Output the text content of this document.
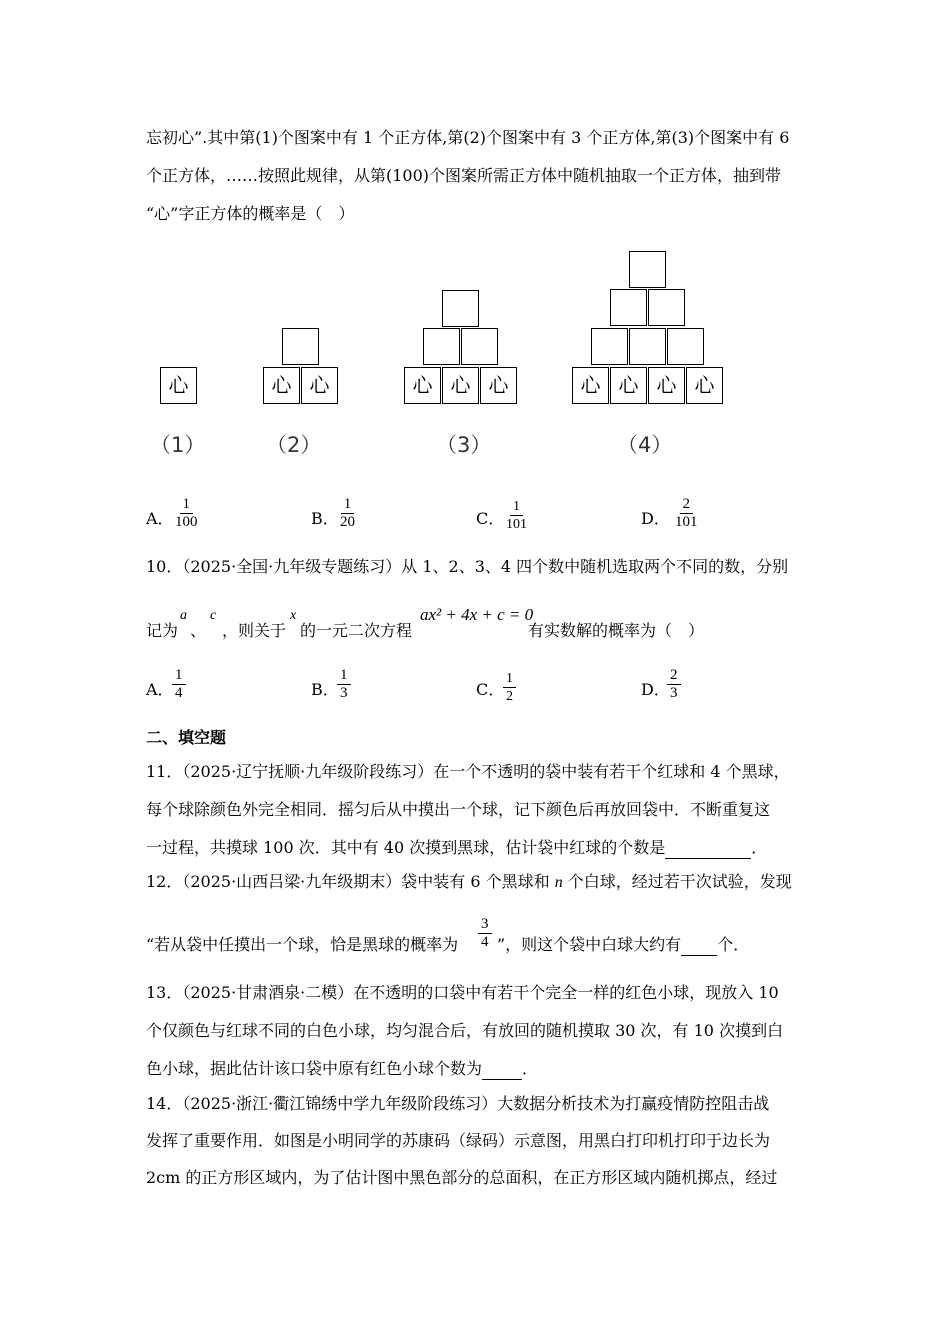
忘初心”.其中第(1)个图案中有 1 个正方体,第(2)个图案中有 3 个正方体,第(3)个图案中有 6
个正方体，……按照此规律，从第(100)个图案所需正方体中随机抽取一个正方体，抽到带
“心”字正方体的概率是（　）
心	心 心	心 心 心	心 心 心 心
（1）	（2）	（3）	（4）
A．
$\frac{1}{100}$	B．
$\frac{1}{20}$	C．
$\frac{1}{101}$	D． $\frac{2}{101}$
10．（2025·全国·九年级专题练习）从 1、2、3、4 四个数中随机选取两个不同的数，分别
记为
a
、
c
，则关于
x
的一元二次方程
ax² + 4x + c = 0
有实数解的概率为（　）
A．
$\frac{1}{4}$	B．
$\frac{1}{3}$	C．
$\frac{1}{2}$	D．
$\frac{2}{3}$
二、填空题
11．（2025·辽宁抚顺·九年级阶段练习）在一个不透明的袋中装有若干个红球和 4 个黑球，
每个球除颜色外完全相同．摇匀后从中摸出一个球，记下颜色后再放回袋中．不断重复这
一过程，共摸球 100 次．其中有 40 次摸到黑球，估计袋中红球的个数是	．
12．（2025·山西吕梁·九年级期末）袋中装有 6 个黑球和 n 个白球，经过若干次试验，发现
“若从袋中任摸出一个球，恰是黑球的概率为 $\frac{3}{4}$ ”，则这个袋中白球大约有 个．
13．（2025·甘肃酒泉·二模）在不透明的口袋中有若干个完全一样的红色小球，现放入 10
个仅颜色与红球不同的白色小球，均匀混合后，有放回的随机摸取 30 次，有 10 次摸到白
色小球，据此估计该口袋中原有红色小球个数为	．
14．（2025·浙江·衢江锦绣中学九年级阶段练习）大数据分析技术为打赢疫情防控阻击战
发挥了重要作用．如图是小明同学的苏康码（绿码）示意图，用黑白打印机打印于边长为
2cm 的正方形区域内，为了估计图中黑色部分的总面积，在正方形区域内随机掷点，经过
